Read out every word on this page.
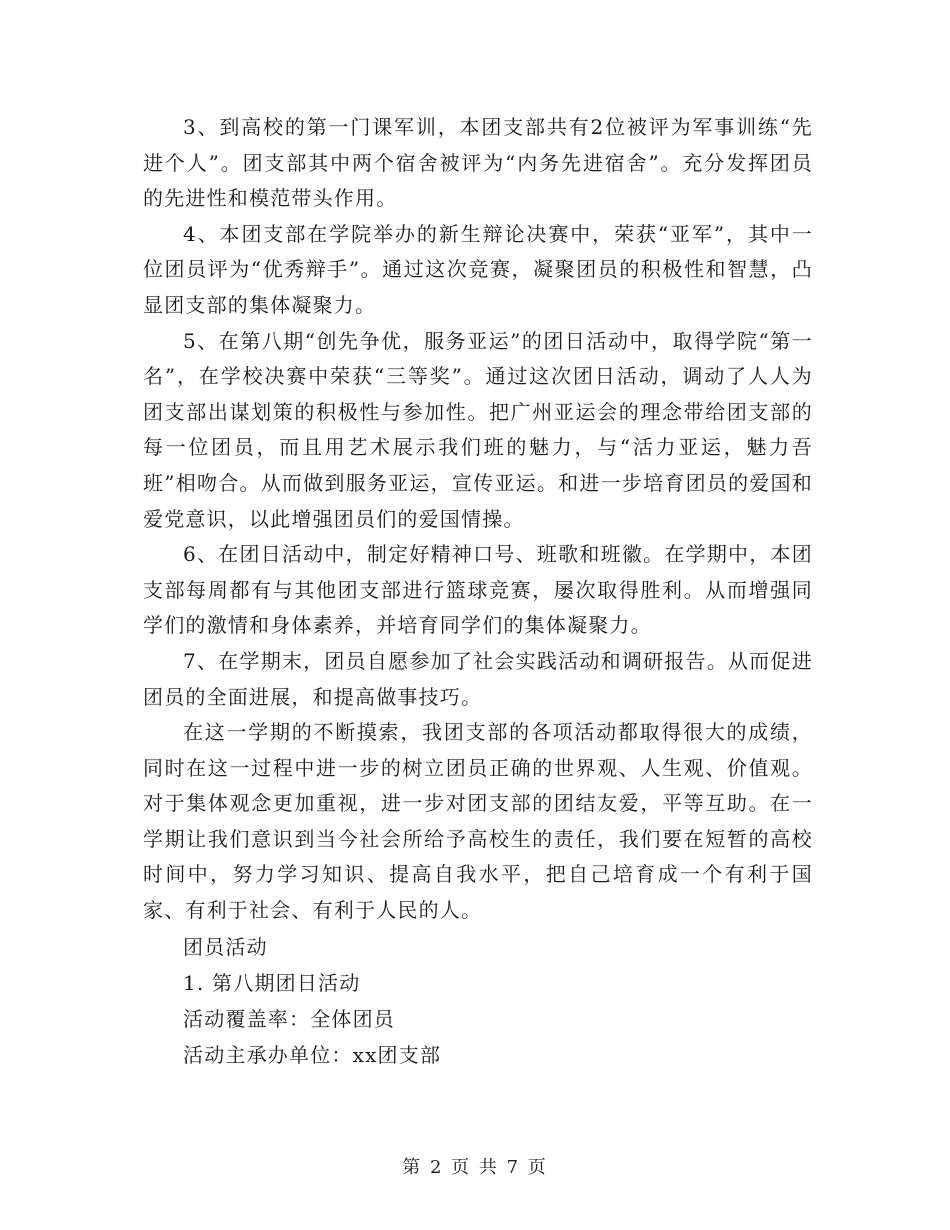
3、到高校的第一门课军训，本团支部共有2位被评为军事训练“先进个人”。团支部其中两个宿舍被评为“内务先进宿舍”。充分发挥团员的先进性和模范带头作用。

4、本团支部在学院举办的新生辩论决赛中，荣获“亚军”，其中一位团员评为“优秀辩手”。通过这次竞赛，凝聚团员的积极性和智慧，凸显团支部的集体凝聚力。

5、在第八期“创先争优，服务亚运”的团日活动中，取得学院“第一名”，在学校决赛中荣获“三等奖”。通过这次团日活动，调动了人人为团支部出谋划策的积极性与参加性。把广州亚运会的理念带给团支部的每一位团员，而且用艺术展示我们班的魅力，与“活力亚运，魅力吾班”相吻合。从而做到服务亚运，宣传亚运。和进一步培育团员的爱国和爱党意识，以此增强团员们的爱国情操。

6、在团日活动中，制定好精神口号、班歌和班徽。在学期中，本团支部每周都有与其他团支部进行篮球竞赛，屡次取得胜利。从而增强同学们的激情和身体素养，并培育同学们的集体凝聚力。

7、在学期末，团员自愿参加了社会实践活动和调研报告。从而促进团员的全面进展，和提高做事技巧。

在这一学期的不断摸索，我团支部的各项活动都取得很大的成绩，同时在这一过程中进一步的树立团员正确的世界观、人生观、价值观。对于集体观念更加重视，进一步对团支部的团结友爱，平等互助。在一学期让我们意识到当今社会所给予高校生的责任，我们要在短暂的高校时间中，努力学习知识、提高自我水平，把自己培育成一个有利于国家、有利于社会、有利于人民的人。

团员活动

1. 第八期团日活动

活动覆盖率：全体团员

活动主承办单位：xx团支部

第 2 页 共 7 页
